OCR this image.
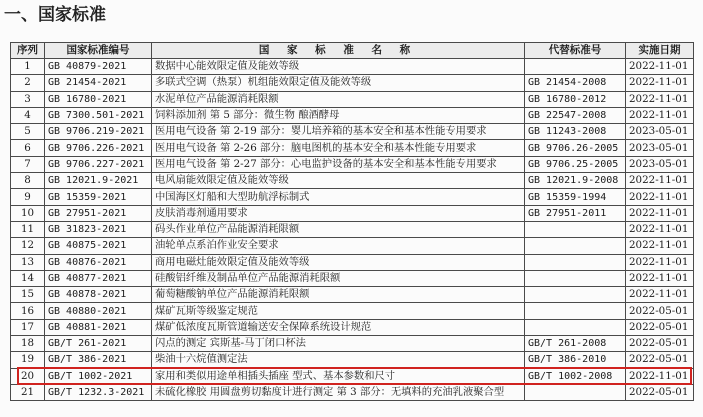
一、国家标准
序列	国家标准编号	国 家 标 准 名 称	代替标准号	实施日期
1	GB 40879-2021	数据中心能效限定值及能效等级		2022-11-01
2	GB 21454-2021	多联式空调（热泵）机组能效限定值及能效等级	GB 21454-2008	2022-11-01
3	GB 16780-2021	水泥单位产品能源消耗限额	GB 16780-2012	2022-11-01
4	GB 7300.501-2021	饲料添加剂 第 5 部分：微生物 酿酒酵母	GB 22547-2008	2022-11-01
5	GB 9706.219-2021	医用电气设备 第 2-19 部分：婴儿培养箱的基本安全和基本性能专用要求	GB 11243-2008	2023-05-01
6	GB 9706.226-2021	医用电气设备 第 2-26 部分：脑电图机的基本安全和基本性能专用要求	GB 9706.26-2005	2023-05-01
7	GB 9706.227-2021	医用电气设备 第 2-27 部分：心电监护设备的基本安全和基本性能专用要求	GB 9706.25-2005	2023-05-01
8	GB 12021.9-2021	电风扇能效限定值及能效等级	GB 12021.9-2008	2022-11-01
9	GB 15359-2021	中国海区灯船和大型助航浮标制式	GB 15359-1994	2022-11-01
10	GB 27951-2021	皮肤消毒剂通用要求	GB 27951-2011	2022-11-01
11	GB 31823-2021	码头作业单位产品能源消耗限额		2022-11-01
12	GB 40875-2021	油轮单点系泊作业安全要求		2022-11-01
13	GB 40876-2021	商用电磁灶能效限定值及能效等级		2022-11-01
14	GB 40877-2021	硅酸铝纤维及制品单位产品能源消耗限额		2022-11-01
15	GB 40878-2021	葡萄糖酸钠单位产品能源消耗限额		2022-11-01
16	GB 40880-2021	煤矿瓦斯等级鉴定规范		2022-05-01
17	GB 40881-2021	煤矿低浓度瓦斯管道输送安全保障系统设计规范		2022-05-01
18	GB/T 261-2021	闪点的测定 宾斯基-马丁闭口杯法	GB/T 261-2008	2022-05-01
19	GB/T 386-2021	柴油十六烷值测定法	GB/T 386-2010	2022-05-01
20	GB/T 1002-2021	家用和类似用途单相插头插座 型式、基本参数和尺寸	GB/T 1002-2008	2022-11-01
21	GB/T 1232.3-2021	未硫化橡胶 用圆盘剪切黏度计进行测定 第 3 部分：无填料的充油乳液聚合型		2022-05-01
